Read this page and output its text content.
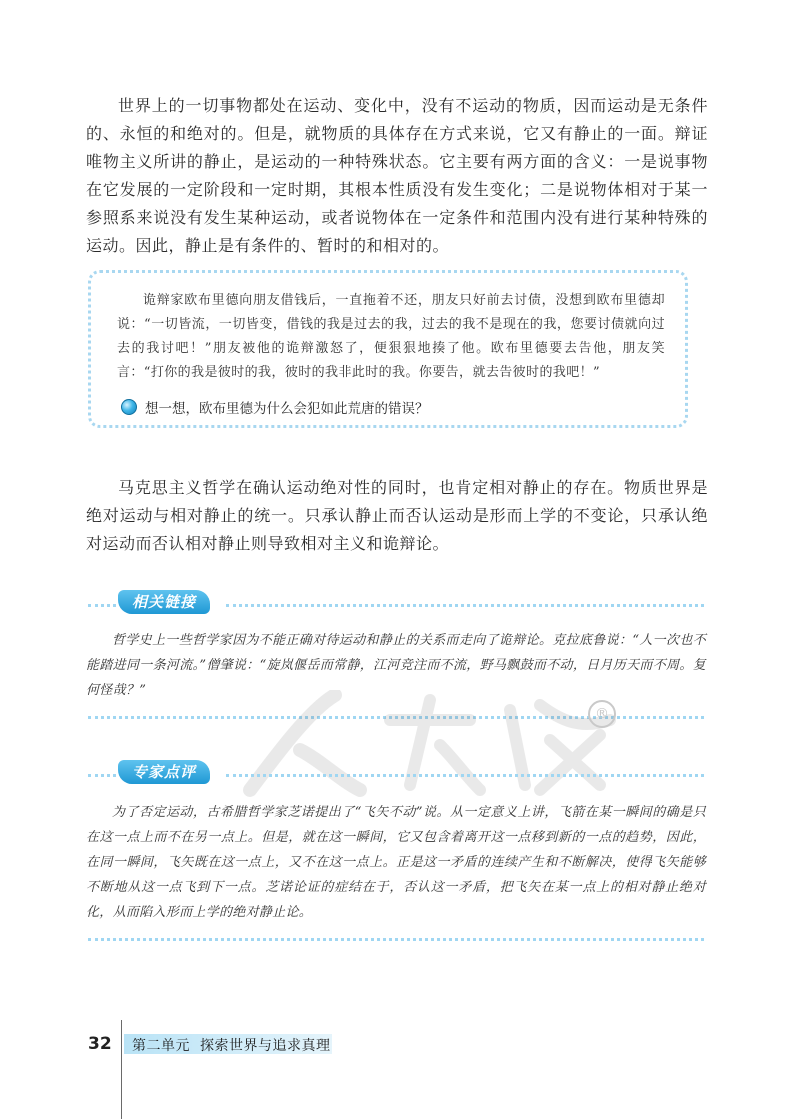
世界上的一切事物都处在运动、变化中，没有不运动的物质，因而运动是无条件的、永恒的和绝对的。但是，就物质的具体存在方式来说，它又有静止的一面。辩证唯物主义所讲的静止，是运动的一种特殊状态。它主要有两方面的含义：一是说事物在它发展的一定阶段和一定时期，其根本性质没有发生变化；二是说物体相对于某一参照系来说没有发生某种运动，或者说物体在一定条件和范围内没有进行某种特殊的运动。因此，静止是有条件的、暂时的和相对的。

诡辩家欧布里德向朋友借钱后，一直拖着不还，朋友只好前去讨债，没想到欧布里德却说：“一切皆流，一切皆变，借钱的我是过去的我，过去的我不是现在的我，您要讨债就向过去的我讨吧！”朋友被他的诡辩激怒了，便狠狠地揍了他。欧布里德要去告他，朋友笑言：“打你的我是彼时的我，彼时的我非此时的我。你要告，就去告彼时的我吧！”

想一想，欧布里德为什么会犯如此荒唐的错误？

马克思主义哲学在确认运动绝对性的同时，也肯定相对静止的存在。物质世界是绝对运动与相对静止的统一。只承认静止而否认运动是形而上学的不变论，只承认绝对运动而否认相对静止则导致相对主义和诡辩论。

相关链接

哲学史上一些哲学家因为不能正确对待运动和静止的关系而走向了诡辩论。克拉底鲁说：“人一次也不能踏进同一条河流。”僧肇说：“旋岚偃岳而常静，江河竞注而不流，野马飘鼓而不动，日月历天而不周。复何怪哉？”

®
专家点评

为了否定运动，古希腊哲学家芝诺提出了“飞矢不动”说。从一定意义上讲，飞箭在某一瞬间的确是只在这一点上而不在另一点上。但是，就在这一瞬间，它又包含着离开这一点移到新的一点的趋势，因此，在同一瞬间，飞矢既在这一点上，又不在这一点上。正是这一矛盾的连续产生和不断解决，使得飞矢能够不断地从这一点飞到下一点。芝诺论证的症结在于，否认这一矛盾，把飞矢在某一点上的相对静止绝对化，从而陷入形而上学的绝对静止论。

32 第二单元 探索世界与追求真理
